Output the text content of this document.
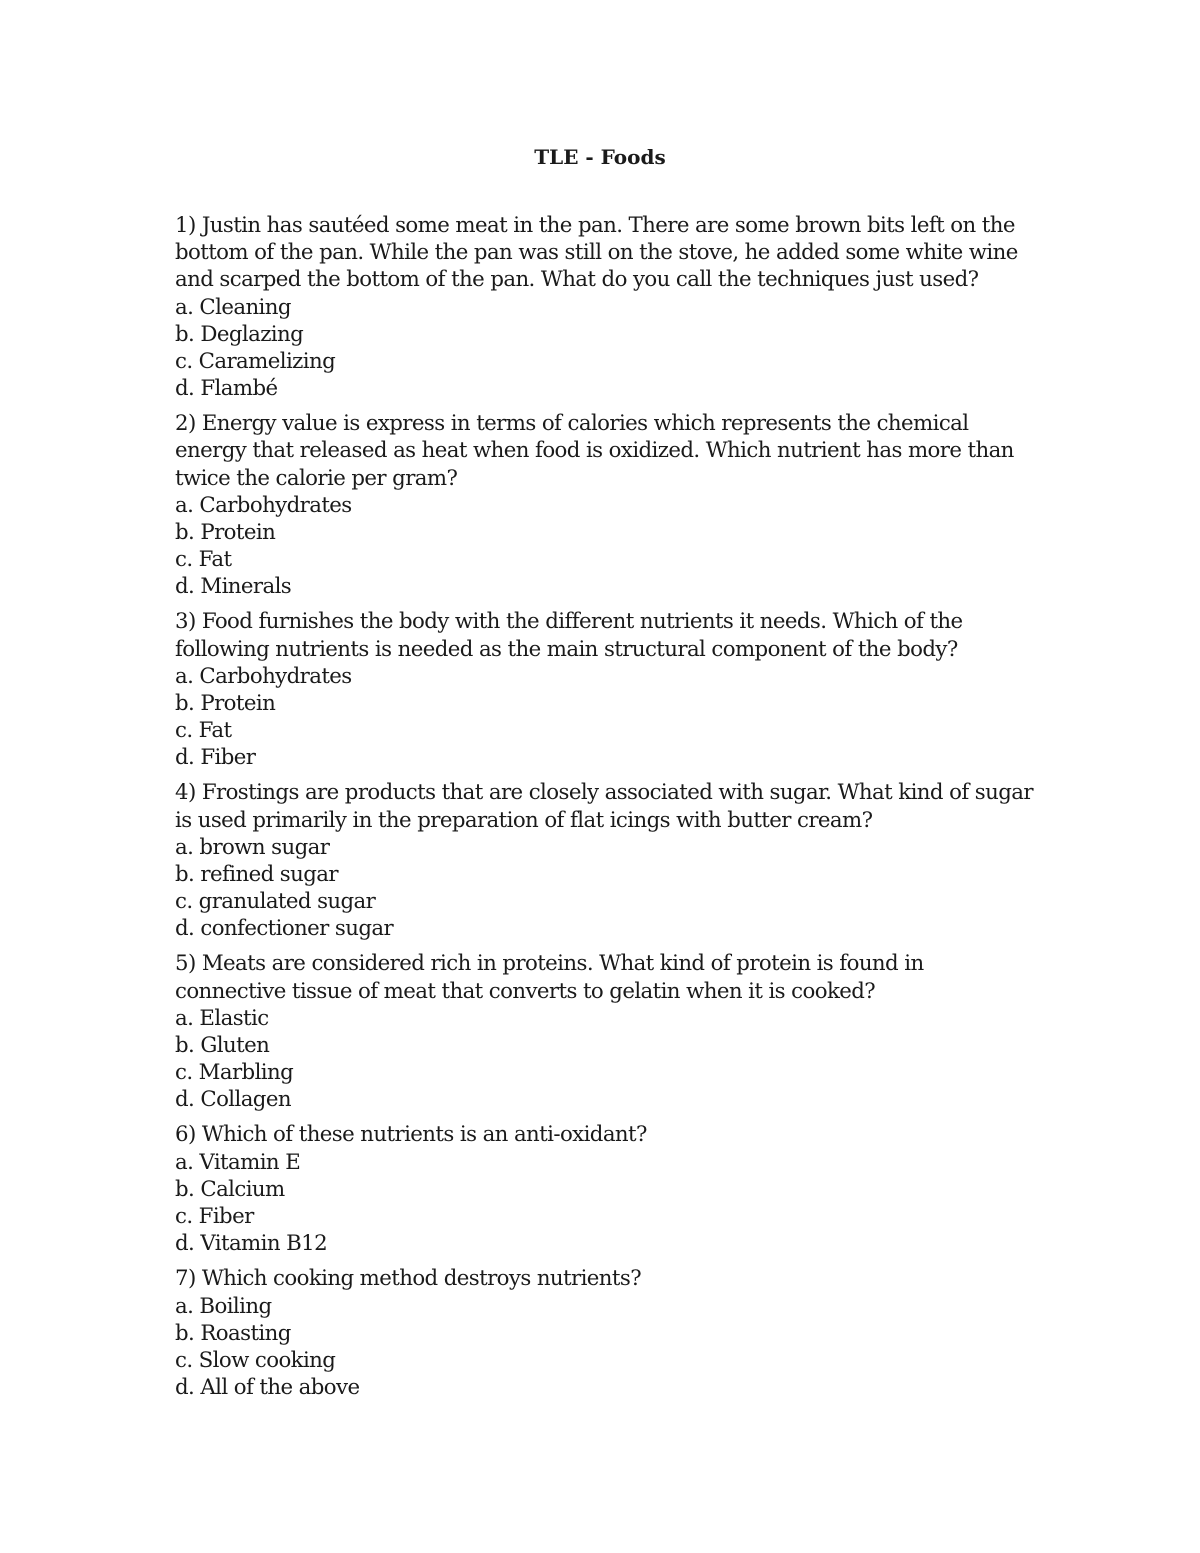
TLE - Foods
1) Justin has sautéed some meat in the pan. There are some brown bits left on the bottom of the pan. While the pan was still on the stove, he added some white wine and scarped the bottom of the pan. What do you call the techniques just used?
a. Cleaning
b. Deglazing
c. Caramelizing
d. Flambé
2) Energy value is express in terms of calories which represents the chemical energy that released as heat when food is oxidized. Which nutrient has more than twice the calorie per gram?
a. Carbohydrates
b. Protein
c. Fat
d. Minerals
3) Food furnishes the body with the different nutrients it needs. Which of the following nutrients is needed as the main structural component of the body?
a. Carbohydrates
b. Protein
c. Fat
d. Fiber
4) Frostings are products that are closely associated with sugar. What kind of sugar is used primarily in the preparation of flat icings with butter cream?
a. brown sugar
b. refined sugar
c. granulated sugar
d. confectioner sugar
5) Meats are considered rich in proteins. What kind of protein is found in connective tissue of meat that converts to gelatin when it is cooked?
a. Elastic
b. Gluten
c. Marbling
d. Collagen
6) Which of these nutrients is an anti-oxidant?
a. Vitamin E
b. Calcium
c. Fiber
d. Vitamin B12
7) Which cooking method destroys nutrients?
a. Boiling
b. Roasting
c. Slow cooking
d. All of the above
